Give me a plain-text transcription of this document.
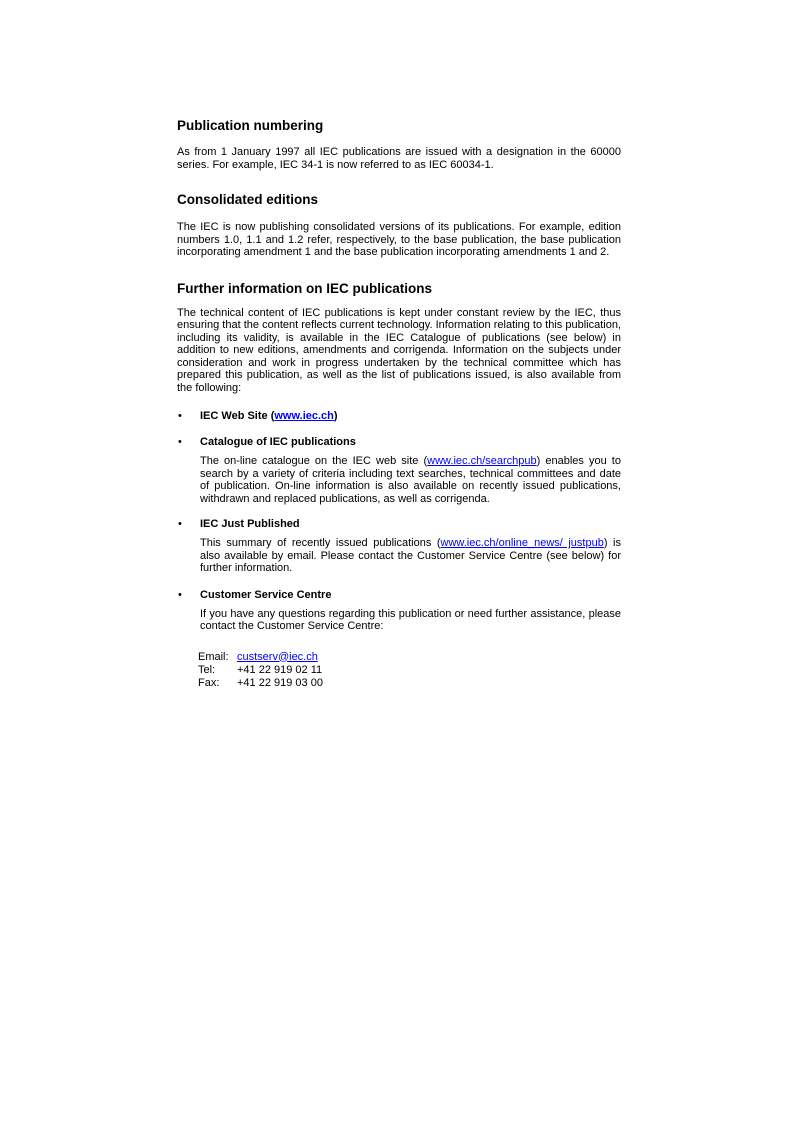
Publication numbering

As from 1 January 1997 all IEC publications are issued with a designation in the 60000 series. For example, IEC 34-1 is now referred to as IEC 60034-1.

Consolidated editions

The IEC is now publishing consolidated versions of its publications. For example, edition numbers 1.0, 1.1 and 1.2 refer, respectively, to the base publication, the base publication incorporating amendment 1 and the base publication incorporating amendments 1 and 2.

Further information on IEC publications

The technical content of IEC publications is kept under constant review by the IEC, thus ensuring that the content reflects current technology. Information relating to this publication, including its validity, is available in the IEC Catalogue of publications (see below) in addition to new editions, amendments and corrigenda. Information on the subjects under consideration and work in progress undertaken by the technical committee which has prepared this publication, as well as the list of publications issued, is also available from the following:

• IEC Web Site (www.iec.ch)
• Catalogue of IEC publications

The on-line catalogue on the IEC web site (www.iec.ch/searchpub) enables you to search by a variety of criteria including text searches, technical committees and date of publication. On-line information is also available on recently issued publications, withdrawn and replaced publications, as well as corrigenda.

• IEC Just Published

This summary of recently issued publications (www.iec.ch/online_news/ justpub) is also available by email. Please contact the Customer Service Centre (see below) for further information.

• Customer Service Centre

If you have any questions regarding this publication or need further assistance, please contact the Customer Service Centre:

Email: custserv@iec.ch
Tel: +41 22 919 02 11
Fax: +41 22 919 03 00
